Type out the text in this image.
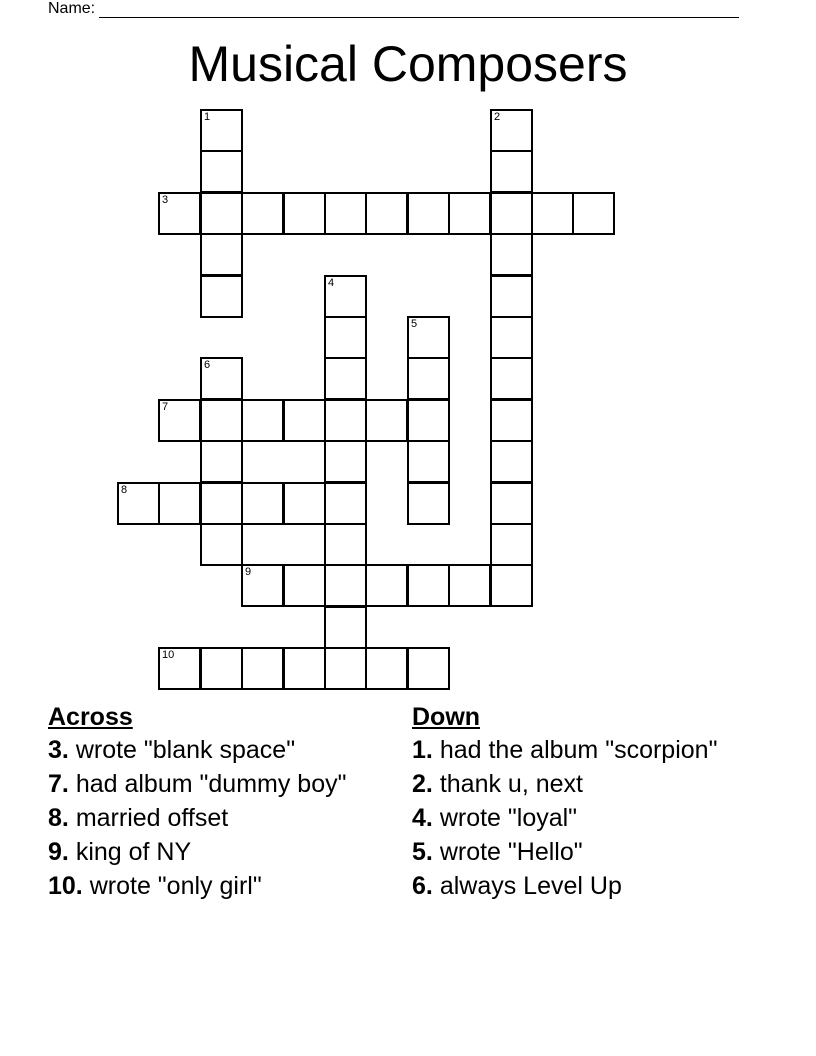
Name:
Musical Composers
1	2
3
4
5
6
7
8
9
10
Across
3. wrote "blank space"
7. had album "dummy boy"
8. married offset
9. king of NY
10. wrote "only girl"
Down
1. had the album "scorpion"
2. thank u, next
4. wrote "loyal"
5. wrote "Hello"
6. always Level Up
